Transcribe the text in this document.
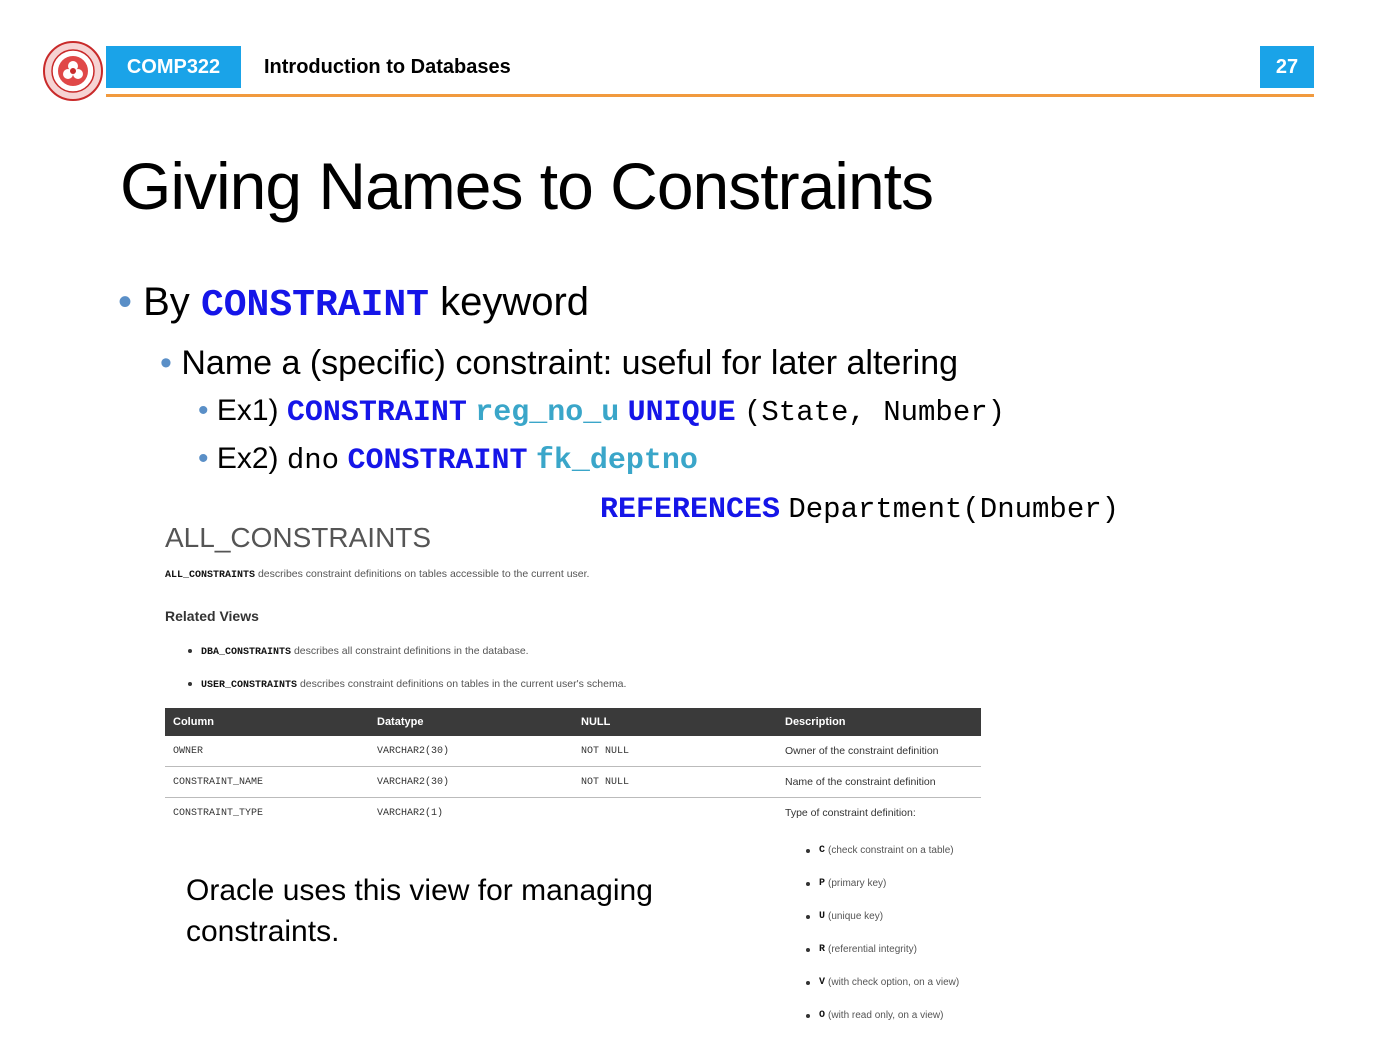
COMP322	Introduction to Databases	27
Giving Names to Constraints
• By CONSTRAINT keyword
• Name a (specific) constraint: useful for later altering
• Ex1) CONSTRAINT reg_no_u UNIQUE (State, Number)
• Ex2) dno CONSTRAINT fk_deptno
REFERENCES Department(Dnumber)
ALL_CONSTRAINTS
ALL_CONSTRAINTS describes constraint definitions on tables accessible to the current user.
Related Views
DBA_CONSTRAINTS describes all constraint definitions in the database.
USER_CONSTRAINTS describes constraint definitions on tables in the current user's schema.
Column	Datatype	NULL	Description
OWNER	VARCHAR2(30)	NOT NULL	Owner of the constraint definition
CONSTRAINT_NAME	VARCHAR2(30)	NOT NULL	Name of the constraint definition
CONSTRAINT_TYPE	VARCHAR2(1)		Type of constraint definition:
C (check constraint on a table)
P (primary key)
U (unique key)
R (referential integrity)
V (with check option, on a view)
O (with read only, on a view)
Oracle uses this view for managing constraints.
